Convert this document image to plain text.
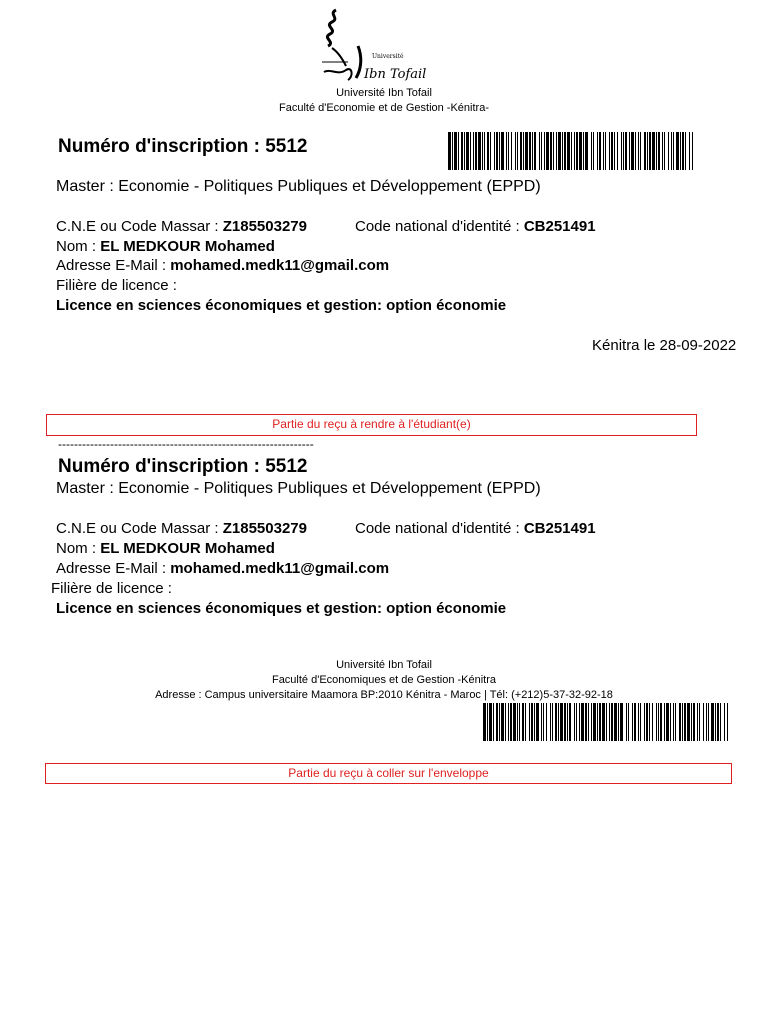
Université
Ibn Tofail
Université Ibn Tofail
Faculté d'Economie et de Gestion -Kénitra-
Numéro d'inscription : 5512
Master : Economie - Politiques Publiques et Développement (EPPD)
C.N.E ou Code Massar : Z185503279	Code national d'identité : CB251491
Nom : EL MEDKOUR Mohamed
Adresse E-Mail : mohamed.medk11@gmail.com
Filière de licence :
Licence en sciences économiques et gestion: option économie
Kénitra le 28-09-2022
Partie du reçu à rendre à l'étudiant(e)
----------------------------------------------------------------
Numéro d'inscription : 5512
Master : Economie - Politiques Publiques et Développement (EPPD)
C.N.E ou Code Massar : Z185503279	Code national d'identité : CB251491
Nom : EL MEDKOUR Mohamed
Adresse E-Mail : mohamed.medk11@gmail.com
Filière de licence :
Licence en sciences économiques et gestion: option économie
Université Ibn Tofail
Faculté d'Economiques et de Gestion -Kénitra
Adresse : Campus universitaire Maamora BP:2010 Kénitra - Maroc | Tél: (+212)5-37-32-92-18
Partie du reçu à coller sur l'enveloppe
